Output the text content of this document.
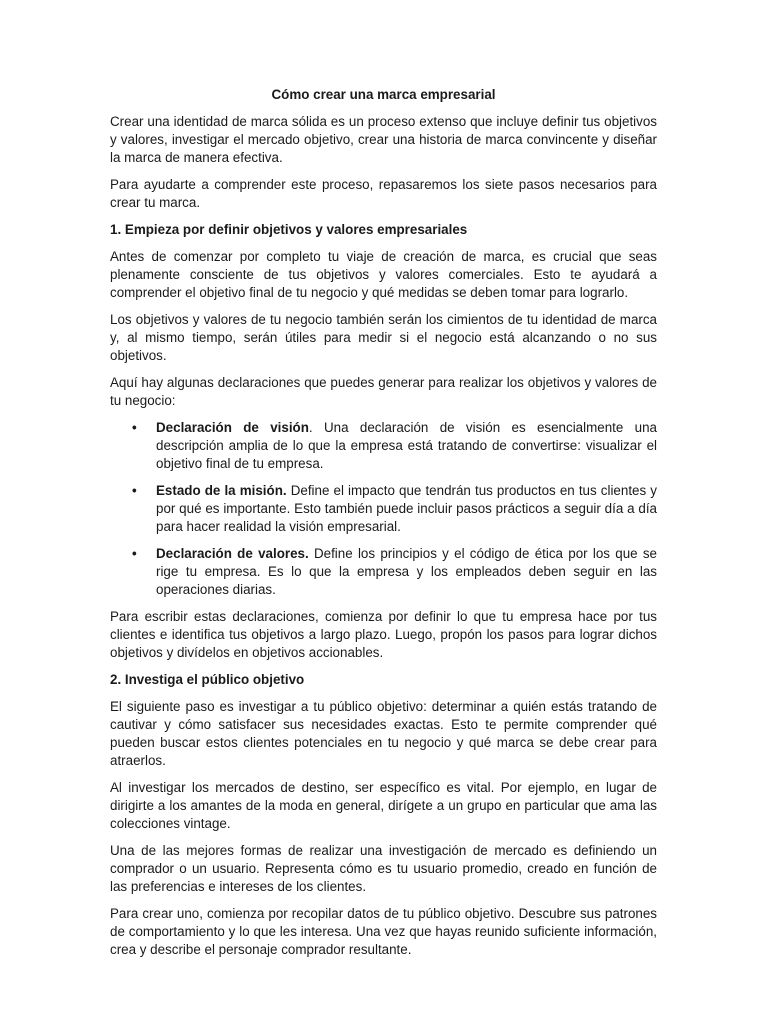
Cómo crear una marca empresarial

Crear una identidad de marca sólida es un proceso extenso que incluye definir tus objetivos y valores, investigar el mercado objetivo, crear una historia de marca convincente y diseñar la marca de manera efectiva.

Para ayudarte a comprender este proceso, repasaremos los siete pasos necesarios para crear tu marca.

1. Empieza por definir objetivos y valores empresariales

Antes de comenzar por completo tu viaje de creación de marca, es crucial que seas plenamente consciente de tus objetivos y valores comerciales. Esto te ayudará a comprender el objetivo final de tu negocio y qué medidas se deben tomar para lograrlo.

Los objetivos y valores de tu negocio también serán los cimientos de tu identidad de marca y, al mismo tiempo, serán útiles para medir si el negocio está alcanzando o no sus objetivos.

Aquí hay algunas declaraciones que puedes generar para realizar los objetivos y valores de tu negocio:

• Declaración de visión. Una declaración de visión es esencialmente una descripción amplia de lo que la empresa está tratando de convertirse: visualizar el objetivo final de tu empresa.
• Estado de la misión. Define el impacto que tendrán tus productos en tus clientes y por qué es importante. Esto también puede incluir pasos prácticos a seguir día a día para hacer realidad la visión empresarial.
• Declaración de valores. Define los principios y el código de ética por los que se rige tu empresa. Es lo que la empresa y los empleados deben seguir en las operaciones diarias.

Para escribir estas declaraciones, comienza por definir lo que tu empresa hace por tus clientes e identifica tus objetivos a largo plazo. Luego, propón los pasos para lograr dichos objetivos y divídelos en objetivos accionables.

2. Investiga el público objetivo

El siguiente paso es investigar a tu público objetivo: determinar a quién estás tratando de cautivar y cómo satisfacer sus necesidades exactas. Esto te permite comprender qué pueden buscar estos clientes potenciales en tu negocio y qué marca se debe crear para atraerlos.

Al investigar los mercados de destino, ser específico es vital. Por ejemplo, en lugar de dirigirte a los amantes de la moda en general, dirígete a un grupo en particular que ama las colecciones vintage.

Una de las mejores formas de realizar una investigación de mercado es definiendo un comprador o un usuario. Representa cómo es tu usuario promedio, creado en función de las preferencias e intereses de los clientes.

Para crear uno, comienza por recopilar datos de tu público objetivo. Descubre sus patrones de comportamiento y lo que les interesa. Una vez que hayas reunido suficiente información, crea y describe el personaje comprador resultante.
